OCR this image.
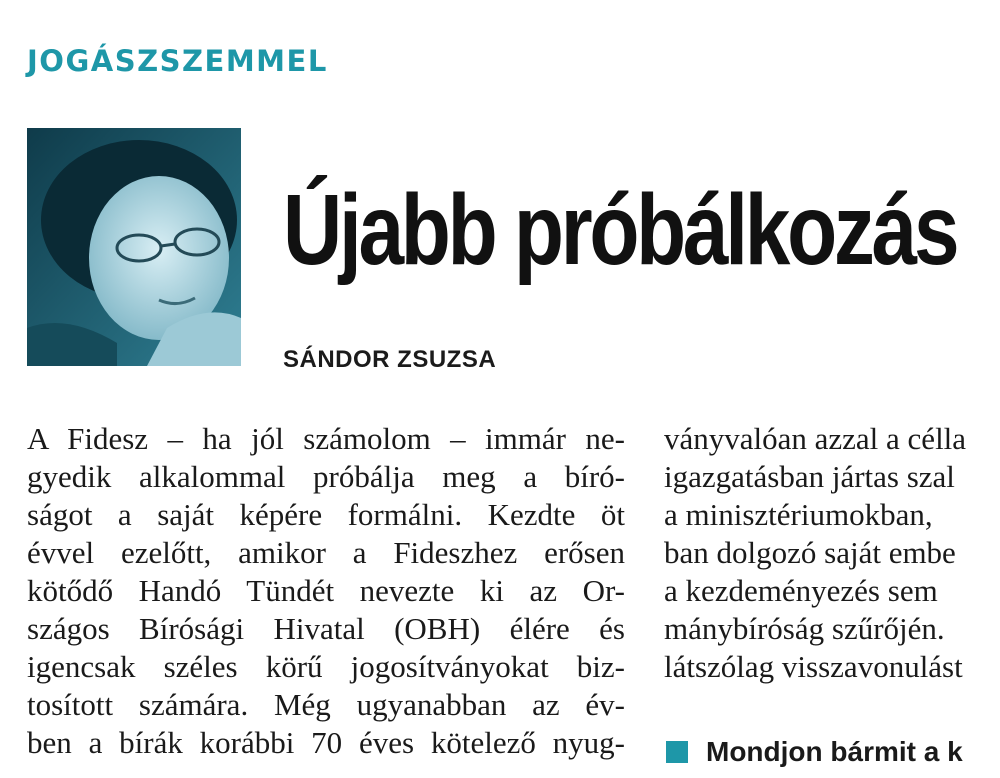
JOGÁSZSZEMMEL
Újabb próbálkozás
SÁNDOR ZSUZSA
A Fidesz – ha jól számolom – immár ne-
gyedik alkalommal próbálja meg a bíró-
ságot a saját képére formálni. Kezdte öt
évvel ezelőtt, amikor a Fideszhez erősen
kötődő Handó Tündét nevezte ki az Or-
szágos Bírósági Hivatal (OBH) élére és
igencsak széles körű jogosítványokat biz-
tosított számára. Még ugyanabban az év-
ben a bírák korábbi 70 éves kötelező nyug-
ványvalóan azzal a célla
igazgatásban jártas szal
a minisztériumokban,
ban dolgozó saját embe
a kezdeményezés sem
mánybíróság szűrőjén.
látszólag visszavonulást
Mondjon bármit a k
